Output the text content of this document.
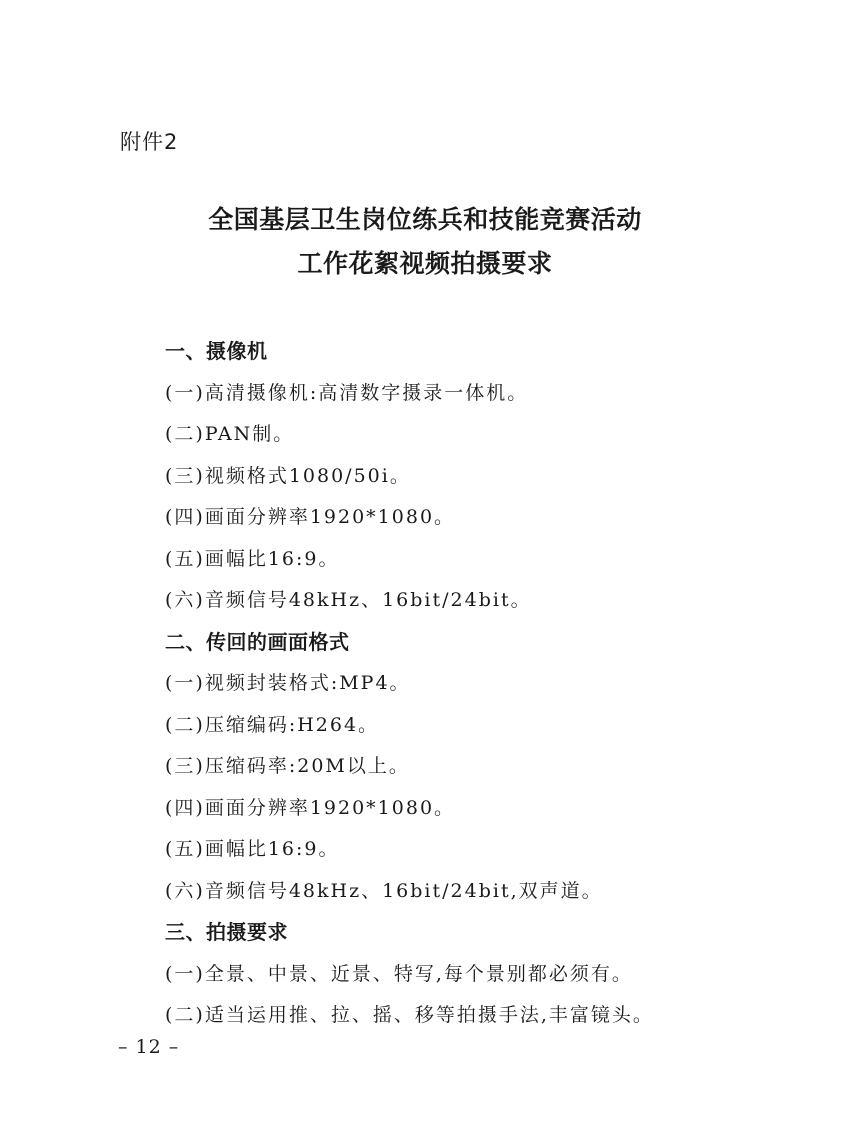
附件2
全国基层卫生岗位练兵和技能竞赛活动
工作花絮视频拍摄要求
一、摄像机
(一)高清摄像机:高清数字摄录一体机。
(二)PAN制。
(三)视频格式1080/50i。
(四)画面分辨率1920*1080。
(五)画幅比16:9。
(六)音频信号48kHz、16bit/24bit。
二、传回的画面格式
(一)视频封装格式:MP4。
(二)压缩编码:H264。
(三)压缩码率:20M以上。
(四)画面分辨率1920*1080。
(五)画幅比16:9。
(六)音频信号48kHz、16bit/24bit,双声道。
三、拍摄要求
(一)全景、中景、近景、特写,每个景别都必须有。
(二)适当运用推、拉、摇、移等拍摄手法,丰富镜头。
– 12 –
